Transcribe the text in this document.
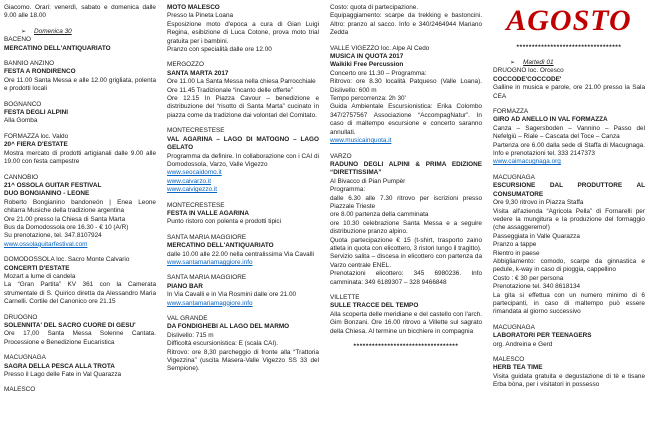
Giacomo. Orari: venerdì, sabato e domenica dalle 9.00 alle 18.00
➢ Domenica 30
BACENO
MERCATINO DELL'ANTIQUARIATO
BANNIO ANZINO
FESTA A RONDIRENCO
Ore 11.00 Santa Messa e alle 12.00 grigliata, polenta e prodotti locali
BOGNANCO
FESTA DEGLI ALPINI
Alla Gomba
FORMAZZA loc. Valdo
20^ FIERA D'ESTATE
Mostra mercato di prodotti artigianali dalle 9.00 alle 19.00 con festa campestre
CANNOBIO
21^ OSSOLA GUITAR FESTIVAL
DUO BONGIANINO - LEONE
Roberto Bongianino bandoneón | Enea Leone chitarra Musiche della tradizione argentina
Ore 21.00 presso la Chiesa di Santa Marta
Bus da Domodossola ore 16.30 - € 10 (A/R)
Su prenotazione, tel. 347.8107924
www.ossolaguitarfestival.com
DOMODOSSOLA loc. Sacro Monte Calvario
CONCERTI D'ESTATE
Mozart a lume di candela
La “Gran Partita” KV 361 con la Camerata strumentale di S. Quirico diretta da Alessandro Maria Carnelli. Cortile del Canonico ore 21.15
DRUOGNO
SOLENNITA' DEL SACRO CUORE DI GESU'
Ore 17,00 Santa Messa Solenne Cantata. Processione e Benedizione Eucaristica
MACUGNAGA
SAGRA DELLA PESCA ALLA TROTA
Presso il Lago delle Fate in Val Quarazza
MALESCO
MOTO MALESCO
Presso la Pineta Loana
Esposizione moto d'epoca a cura di Gian Luigi Regina, esibizione di Luca Cotone, prova moto trial gratuita per i bambini.
Pranzo con specialità dalle ore 12.00
MERGOZZO
SANTA MARTA 2017
Ore 11.00 La Santa Messa nella chiesa Parrocchiale
Ore 11.45 Tradizionale “incanto delle offerte”
Ore 12.15 In Piazza Cavour – benedizione e distribuzione del “risotto di Santa Marta” cucinato in piazza come da tradizione dai volontari del Comitato.
MONTECRESTESE
VAL AGARINA – LAGO DI MATOGNO – LAGO GELATO
Programma da definire. In collaborazione con i CAI di Domodossola, Varzo, Valle Vigezzo
www.seocaidomo.it
www.caivarzo.it
www.caivigezzo.it
MONTECRESTESE
FESTA IN VALLE AGARINA
Punto ristoro con polenta e prodotti tipici
SANTA MARIA MAGGIORE
MERCATINO DELL'ANTIQUARIATO
dalle 10.00 alle 22.00 nella centralissima Via Cavalli
www.santamariamaggiore.info
SANTA MARIA MAGGIORE
PIANO BAR
In Via Cavalli e in Via Rosmini dalle ore 21.00
www.santamariamaggiore.info
VAL GRANDE
DA FONDIGHEBI AL LAGO DEL MARMO
Dislivello: 715 m
Difficoltà escursionistica: E (scala CAI).
Ritrovo: ore 8,30 parcheggio di fronte alla “Trattoria Vigezzina” (uscita Masera-Valle Vigezzo SS 33 del Sempione).
Costo: quota di partecipazione.
Equipaggiamento: scarpe da trekking e bastoncini. Altro: pranzo al sacco. Info e 340/2464944 Mariano Zedda
VALLE VIGEZZO loc. Alpe Al Cedo
MUSICA IN QUOTA 2017
Waikiki Free Percussion
Concerto ore 11.30 – Programma:
Ritrovo: ore 8.30 località Patqueso (Valle Loana). Dislivello: 600 m
Tempo percorrenza: 2h 30'
Guida Ambientale Escursionistica: Erika Colombo 347/2757567 Associazione “AccompagNatur”. In caso di maltempo escursione e concerto saranno annullati.
www.musicainquota.it
VARZO
RADUNO DEGLI ALPINI & PRIMA EDIZIONE “DIRETTISSIMA”
Al Bivacco di Pian Pumpèr
Programma:
dalle 6.30 alle 7.30 ritrovo per iscrizioni presso Piazzale Trieste
ore 8.00 partenza della camminata
ore 10.30 celebrazione Santa Messa e a seguire distribuzione pranzo alpino.
Quota partecipazione € 15 (t-shirt, trasporto zaino atleta in quota con elicottero, 3 ristori lungo il tragitto).
Servizio salita – discesa in elicottero con partenza da Varzo centrale ENEL.
Prenotazioni elicottero: 345 6980236. Info camminata: 349 6189307 – 328 9466848
VILLETTE
SULLE TRACCE DEL TEMPO
Alla scoperta delle meridiane e del castello con l'arch. Gim Bonzani. Ore 16.00 ritrovo a Villette sul sagrato della Chiesa. Al termine un bicchiere in compagnia
**********************************
AGOSTO
**********************************
➢ Martedì 01
DRUOGNO loc. Orcesco
COCCODE'COCCODE'
Galline in musica e parole, ore 21.00 presso la Sala CEA
FORMAZZA
GIRO AD ANELLO IN VAL FORMAZZA
Canza – Sagersboden – Vannino – Passo del Nefelgiù – Riale – Cascata del Toce – Canza
Partenza ore 6.00 dalla sede di Staffa di Macugnaga. Info e prenotazioni tel. 333 2147373
www.caimacugnaga.org
MACUGNAGA
ESCURSIONE DAL PRODUTTORE AL CONSUMATORE
Ore 9,30 ritrovo in Piazza Staffa
Visita all'azienda “Agricola Pella” di Fornarelli per vedere la mungitura e la produzione del formaggio (che assaggeremo!)
Passeggiata in Valle Quarazza
Pranzo a tappe
Rientro in paese
Abbigliamento: comodo, scarpe da ginnastica e pedule, k-way in caso di pioggia, cappellino
Costo : € 30 per persona
Prenotazione tel. 340 8618134
La gita si effettua con un numero minimo di 6 partecipanti, in caso di maltempo può essere rimandata al giorno successivo
MACUGNAGA
LABORATORI PER TEENAGERS
org. Andreina e Gerd
MALESCO
HERB TEA TIME
Visita guidata gratuita e degustazione di tè e tisane Erba bòna, per i visitatori in possesso
